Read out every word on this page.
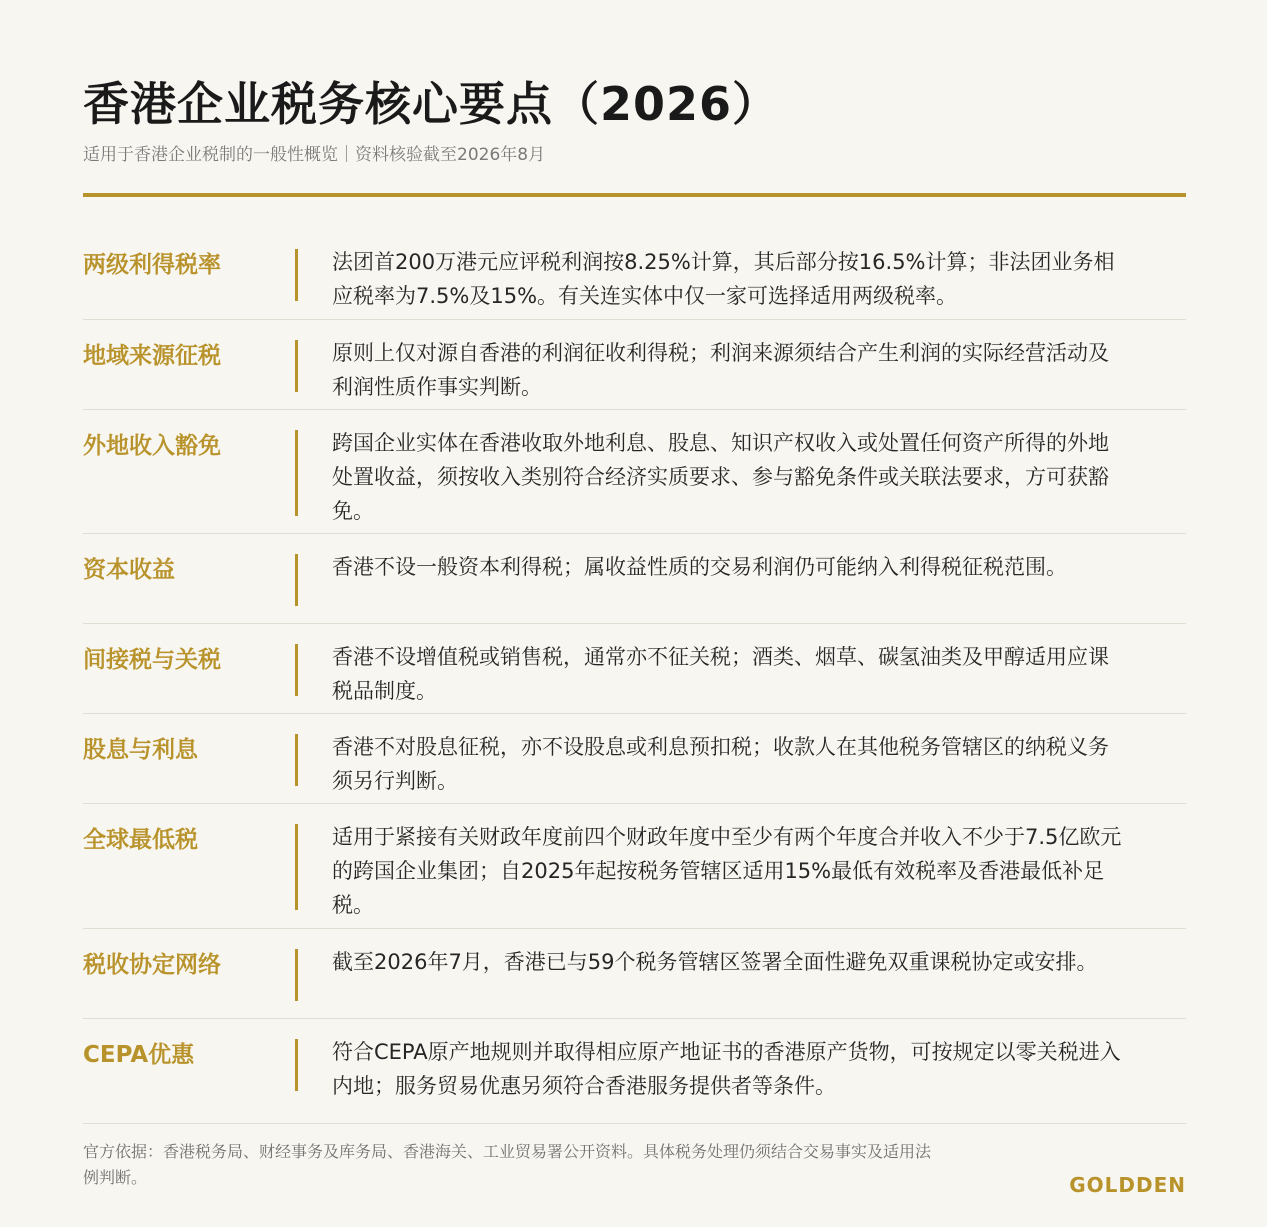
香港企业税务核心要点（2026）
适用于香港企业税制的一般性概览｜资料核验截至2026年8月
两级利得税率	法团首200万港元应评税利润按8.25%计算，其后部分按16.5%计算；非法团业务相应税率为7.5%及15%。有关连实体中仅一家可选择适用两级税率。
地域来源征税	原则上仅对源自香港的利润征收利得税；利润来源须结合产生利润的实际经营活动及利润性质作事实判断。
外地收入豁免	跨国企业实体在香港收取外地利息、股息、知识产权收入或处置任何资产所得的外地处置收益，须按收入类别符合经济实质要求、参与豁免条件或关联法要求，方可获豁免。
资本收益	香港不设一般资本利得税；属收益性质的交易利润仍可能纳入利得税征税范围。
间接税与关税	香港不设增值税或销售税，通常亦不征关税；酒类、烟草、碳氢油类及甲醇适用应课税品制度。
股息与利息	香港不对股息征税，亦不设股息或利息预扣税；收款人在其他税务管辖区的纳税义务须另行判断。
全球最低税	适用于紧接有关财政年度前四个财政年度中至少有两个年度合并收入不少于7.5亿欧元的跨国企业集团；自2025年起按税务管辖区适用15%最低有效税率及香港最低补足税。
税收协定网络	截至2026年7月，香港已与59个税务管辖区签署全面性避免双重课税协定或安排。
CEPA优惠	符合CEPA原产地规则并取得相应原产地证书的香港原产货物，可按规定以零关税进入内地；服务贸易优惠另须符合香港服务提供者等条件。
官方依据：香港税务局、财经事务及库务局、香港海关、工业贸易署公开资料。具体税务处理仍须结合交易事实及适用法例判断。	GOLDDEN
